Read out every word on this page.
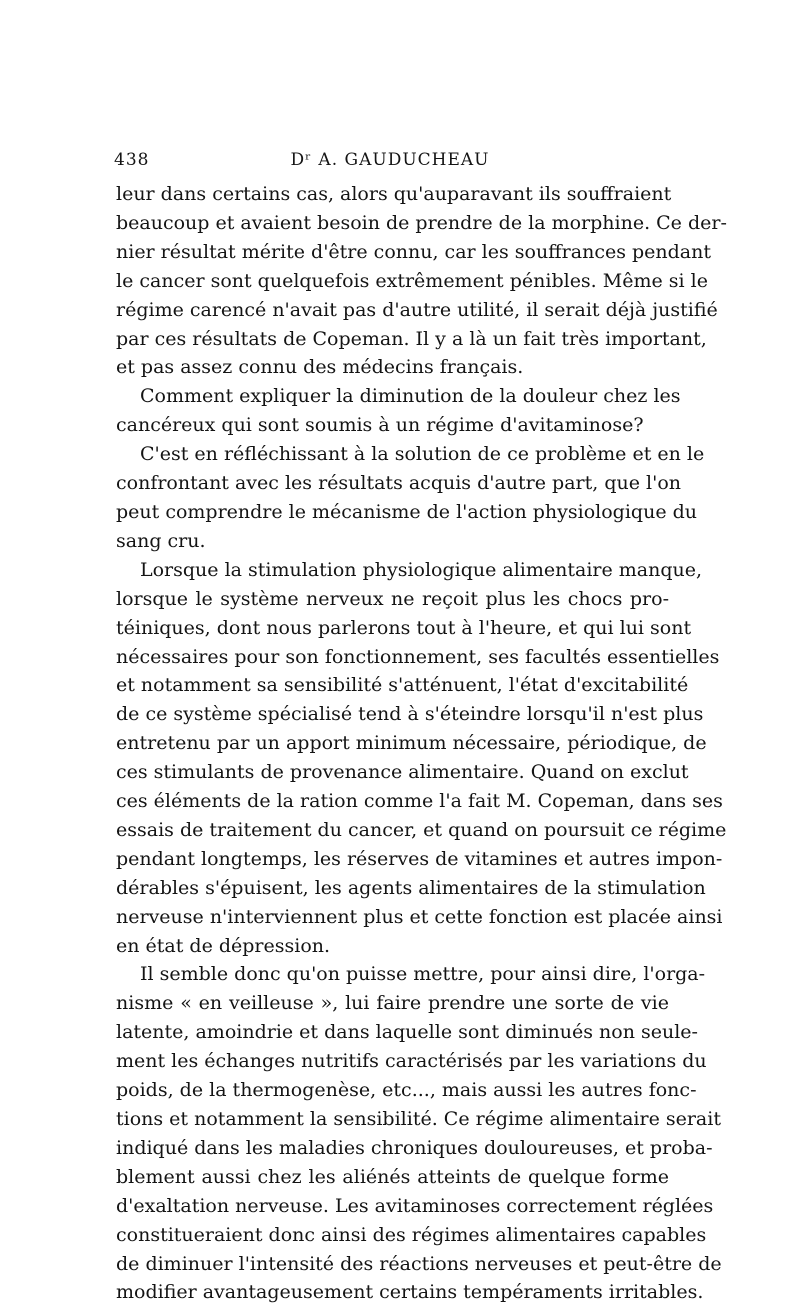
438	Dʳ A. GAUDUCHEAU
leur dans certains cas, alors qu'auparavant ils souffraient
beaucoup et avaient besoin de prendre de la morphine. Ce der-
nier résultat mérite d'être connu, car les souffrances pendant
le cancer sont quelquefois extrêmement pénibles. Même si le
régime carencé n'avait pas d'autre utilité, il serait déjà justifié
par ces résultats de Copeman. Il y a là un fait très important,
et pas assez connu des médecins français.
Comment expliquer la diminution de la douleur chez les
cancéreux qui sont soumis à un régime d'avitaminose?
C'est en réfléchissant à la solution de ce problème et en le
confrontant avec les résultats acquis d'autre part, que l'on
peut comprendre le mécanisme de l'action physiologique du
sang cru.
Lorsque la stimulation physiologique alimentaire manque,
lorsque le système nerveux ne reçoit plus les chocs pro-
téiniques, dont nous parlerons tout à l'heure, et qui lui sont
nécessaires pour son fonctionnement, ses facultés essentielles
et notamment sa sensibilité s'atténuent, l'état d'excitabilité
de ce système spécialisé tend à s'éteindre lorsqu'il n'est plus
entretenu par un apport minimum nécessaire, périodique, de
ces stimulants de provenance alimentaire. Quand on exclut
ces éléments de la ration comme l'a fait M. Copeman, dans ses
essais de traitement du cancer, et quand on poursuit ce régime
pendant longtemps, les réserves de vitamines et autres impon-
dérables s'épuisent, les agents alimentaires de la stimulation
nerveuse n'interviennent plus et cette fonction est placée ainsi
en état de dépression.
Il semble donc qu'on puisse mettre, pour ainsi dire, l'orga-
nisme « en veilleuse », lui faire prendre une sorte de vie
latente, amoindrie et dans laquelle sont diminués non seule-
ment les échanges nutritifs caractérisés par les variations du
poids, de la thermogenèse, etc..., mais aussi les autres fonc-
tions et notamment la sensibilité. Ce régime alimentaire serait
indiqué dans les maladies chroniques douloureuses, et proba-
blement aussi chez les aliénés atteints de quelque forme
d'exaltation nerveuse. Les avitaminoses correctement réglées
constitueraient donc ainsi des régimes alimentaires capables
de diminuer l'intensité des réactions nerveuses et peut-être de
modifier avantageusement certains tempéraments irritables.
